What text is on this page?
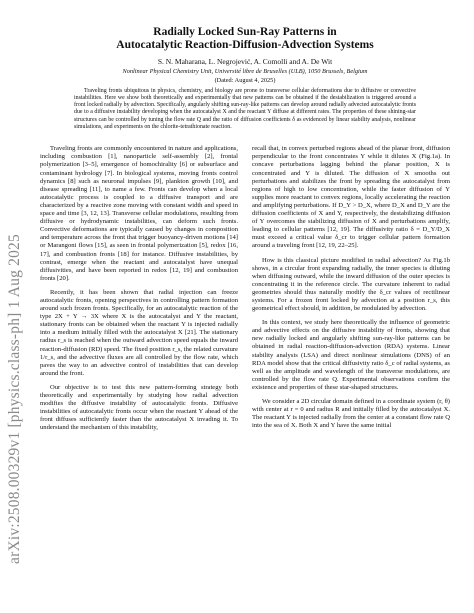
arXiv:2508.00329v1 [physics.class-ph] 1 Aug 2025
Radially Locked Sun-Ray Patterns in
Autocatalytic Reaction-Diffusion-Advection Systems
S. N. Maharana, L. Negrojević, A. Comolli and A. De Wit
Nonlinear Physical Chemistry Unit, Université libre de Bruxelles (ULB), 1050 Brussels, Belgium
(Dated: August 4, 2025)

Traveling fronts ubiquitous in physics, chemistry, and biology are prone to transverse cellular deformations due to diffusive or convective instabilities. Here we show both theoretically and experimentally that new patterns can be obtained if the destabilization is triggered around a front locked radially by advection. Specifically, angularly shifting sun-ray-like patterns can develop around radially advected autocatalytic fronts due to a diffusive instability developing when the autocatalyst X and the reactant Y diffuse at different rates. The properties of these shining-star structures can be controlled by tuning the flow rate Q and the ratio of diffusion coefficients δ as evidenced by linear stability analysis, nonlinear simulations, and experiments on the chlorite-tetrathionate reaction.

Traveling fronts are commonly encountered in nature and applications, including combustion [1], nanoparticle self-assembly [2], frontal polymerization [3–5], emergence of homochirality [6] or subsurface and contaminant hydrology [7]. In biological systems, moving fronts control dynamics [8] such as neuronal impulses [9], plankton growth [10], and disease spreading [11], to name a few. Fronts can develop when a local autocatalytic process is coupled to a diffusive transport and are characterized by a reactive zone moving with constant width and speed in space and time [3, 12, 13]. Transverse cellular modulations, resulting from diffusive or hydrodynamic instabilities, can deform such fronts. Convective deformations are typically caused by changes in composition and temperature across the front that trigger buoyancy-driven motions [14] or Marangoni flows [15], as seen in frontal polymerization [5], redox [16, 17], and combustion fronts [18] for instance. Diffusive instabilities, by contrast, emerge when the reactant and autocatalyst have unequal diffusivities, and have been reported in redox [12, 19] and combustion fronts [20].

Recently, it has been shown that radial injection can freeze autocatalytic fronts, opening perspectives in controlling pattern formation around such frozen fronts. Specifically, for an autocatalytic reaction of the type 2X + Y → 3X where X is the autocatalyst and Y the reactant, stationary fronts can be obtained when the reactant Y is injected radially into a medium initially filled with the autocatalyst X [21]. The stationary radius r_s is reached when the outward advection speed equals the inward reaction-diffusion (RD) speed. The fixed position r_s, the related curvature 1/r_s, and the advective fluxes are all controlled by the flow rate, which paves the way to an advective control of instabilities that can develop around the front.

Our objective is to test this new pattern-forming strategy both theoretically and experimentally by studying how radial advection modifies the diffusive instability of autocatalytic fronts. Diffusive instabilities of autocatalytic fronts occur when the reactant Y ahead of the front diffuses sufficiently faster than the autocatalyst X invading it. To understand the mechanism of this instability,

recall that, in convex perturbed regions ahead of the planar front, diffusion perpendicular to the front concentrates Y while it dilutes X (Fig.1a). In concave perturbations lagging behind the planar position, X is concentrated and Y is diluted. The diffusion of X smooths out perturbations and stabilizes the front by spreading the autocatalyst from regions of high to low concentration, while the faster diffusion of Y supplies more reactant to convex regions, locally accelerating the reaction and amplifying perturbations. If D_Y > D_X, where D_X and D_Y are the diffusion coefficients of X and Y, respectively, the destabilizing diffusion of Y overcomes the stabilizing diffusion of X and perturbations amplify, leading to cellular patterns [12, 19]. The diffusivity ratio δ = D_Y/D_X must exceed a critical value δ_cr to trigger cellular pattern formation around a traveling front [12, 19, 22–25].

How is this classical picture modified in radial advection? As Fig.1b shows, in a circular front expanding radially, the inner species is diluting when diffusing outward, while the inward diffusion of the outer species is concentrating it in the reference circle. The curvature inherent to radial geometries should thus naturally modify the δ_cr values of rectilinear systems. For a frozen front locked by advection at a position r_s, this geometrical effect should, in addition, be modulated by advection.

In this context, we study here theoretically the influence of geometric and advective effects on the diffusive instability of fronts, showing that new radially locked and angularly shifting sun-ray-like patterns can be obtained in radial reaction-diffusion-advection (RDA) systems. Linear stability analysis (LSA) and direct nonlinear simulations (DNS) of an RDA model show that the critical diffusivity ratio δ_c of radial systems, as well as the amplitude and wavelength of the transverse modulations, are controlled by the flow rate Q. Experimental observations confirm the existence and properties of these star-shaped structures.

We consider a 2D circular domain defined in a coordinate system (r, θ) with center at r = 0 and radius R and initially filled by the autocatalyst X. The reactant Y is injected radially from the center at a constant flow rate Q into the sea of X. Both X and Y have the same initial
